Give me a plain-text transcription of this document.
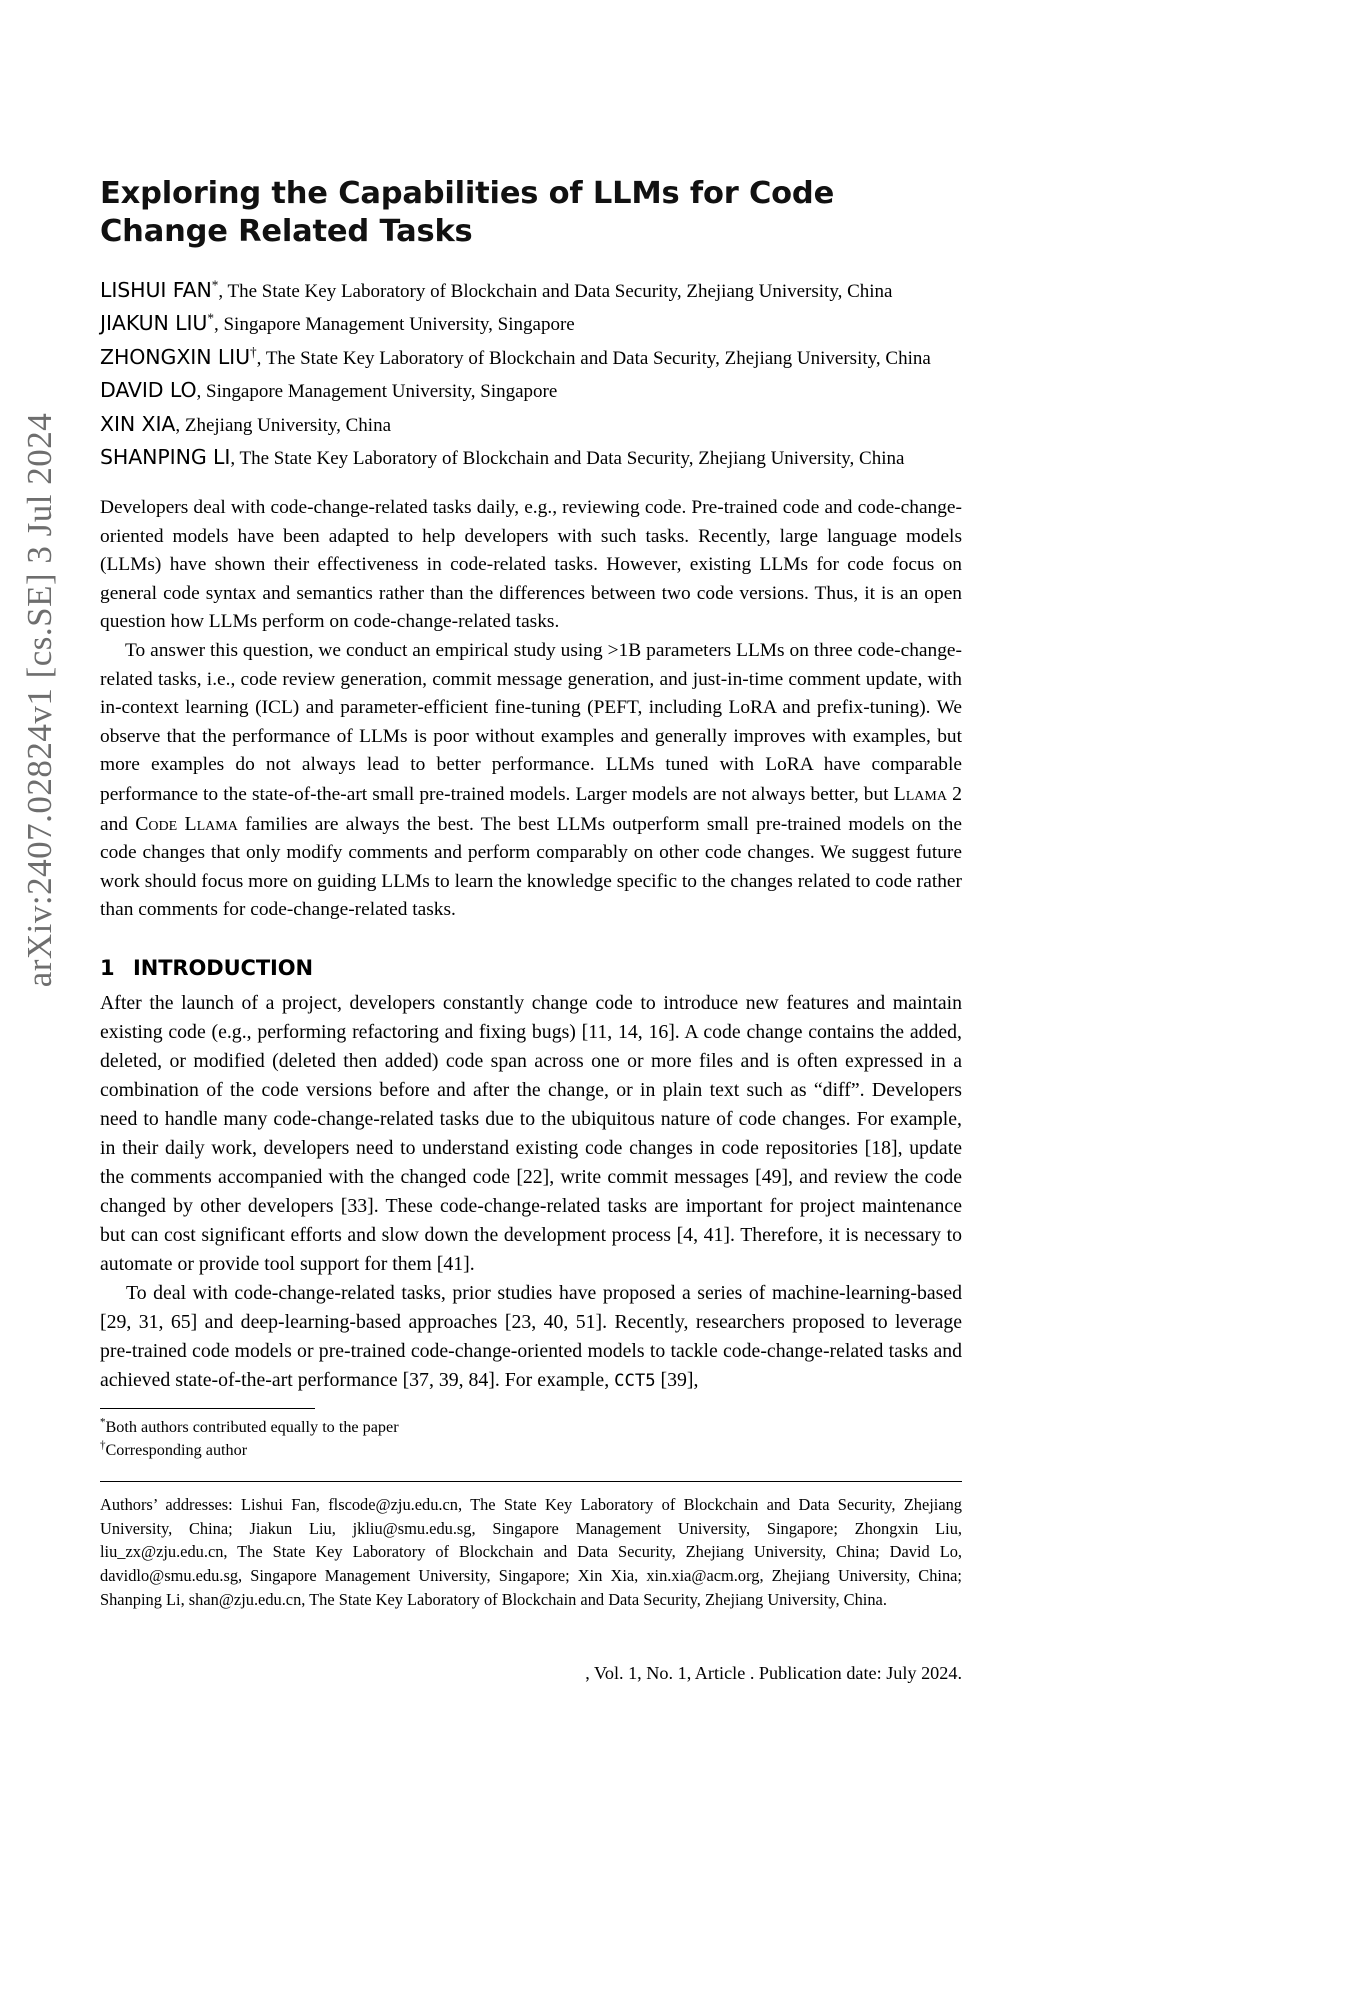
arXiv:2407.02824v1 [cs.SE] 3 Jul 2024
Exploring the Capabilities of LLMs for Code Change Related Tasks
LISHUI FAN*, The State Key Laboratory of Blockchain and Data Security, Zhejiang University, China
JIAKUN LIU*, Singapore Management University, Singapore
ZHONGXIN LIU†, The State Key Laboratory of Blockchain and Data Security, Zhejiang University, China
DAVID LO, Singapore Management University, Singapore
XIN XIA, Zhejiang University, China
SHANPING LI, The State Key Laboratory of Blockchain and Data Security, Zhejiang University, China

Developers deal with code-change-related tasks daily, e.g., reviewing code. Pre-trained code and code-change-oriented models have been adapted to help developers with such tasks. Recently, large language models (LLMs) have shown their effectiveness in code-related tasks. However, existing LLMs for code focus on general code syntax and semantics rather than the differences between two code versions. Thus, it is an open question how LLMs perform on code-change-related tasks.

To answer this question, we conduct an empirical study using >1B parameters LLMs on three code-change-related tasks, i.e., code review generation, commit message generation, and just-in-time comment update, with in-context learning (ICL) and parameter-efficient fine-tuning (PEFT, including LoRA and prefix-tuning). We observe that the performance of LLMs is poor without examples and generally improves with examples, but more examples do not always lead to better performance. LLMs tuned with LoRA have comparable performance to the state-of-the-art small pre-trained models. Larger models are not always better, but Llama 2 and Code Llama families are always the best. The best LLMs outperform small pre-trained models on the code changes that only modify comments and perform comparably on other code changes. We suggest future work should focus more on guiding LLMs to learn the knowledge specific to the changes related to code rather than comments for code-change-related tasks.

1 INTRODUCTION

After the launch of a project, developers constantly change code to introduce new features and maintain existing code (e.g., performing refactoring and fixing bugs) [11, 14, 16]. A code change contains the added, deleted, or modified (deleted then added) code span across one or more files and is often expressed in a combination of the code versions before and after the change, or in plain text such as “diff”. Developers need to handle many code-change-related tasks due to the ubiquitous nature of code changes. For example, in their daily work, developers need to understand existing code changes in code repositories [18], update the comments accompanied with the changed code [22], write commit messages [49], and review the code changed by other developers [33]. These code-change-related tasks are important for project maintenance but can cost significant efforts and slow down the development process [4, 41]. Therefore, it is necessary to automate or provide tool support for them [41].

To deal with code-change-related tasks, prior studies have proposed a series of machine-learning-based [29, 31, 65] and deep-learning-based approaches [23, 40, 51]. Recently, researchers proposed to leverage pre-trained code models or pre-trained code-change-oriented models to tackle code-change-related tasks and achieved state-of-the-art performance [37, 39, 84]. For example, CCT5 [39],

*Both authors contributed equally to the paper
†Corresponding author

Authors’ addresses: Lishui Fan, flscode@zju.edu.cn, The State Key Laboratory of Blockchain and Data Security, Zhejiang University, China; Jiakun Liu, jkliu@smu.edu.sg, Singapore Management University, Singapore; Zhongxin Liu, liu_zx@zju.edu.cn, The State Key Laboratory of Blockchain and Data Security, Zhejiang University, China; David Lo, davidlo@smu.edu.sg, Singapore Management University, Singapore; Xin Xia, xin.xia@acm.org, Zhejiang University, China; Shanping Li, shan@zju.edu.cn, The State Key Laboratory of Blockchain and Data Security, Zhejiang University, China.

, Vol. 1, No. 1, Article . Publication date: July 2024.
